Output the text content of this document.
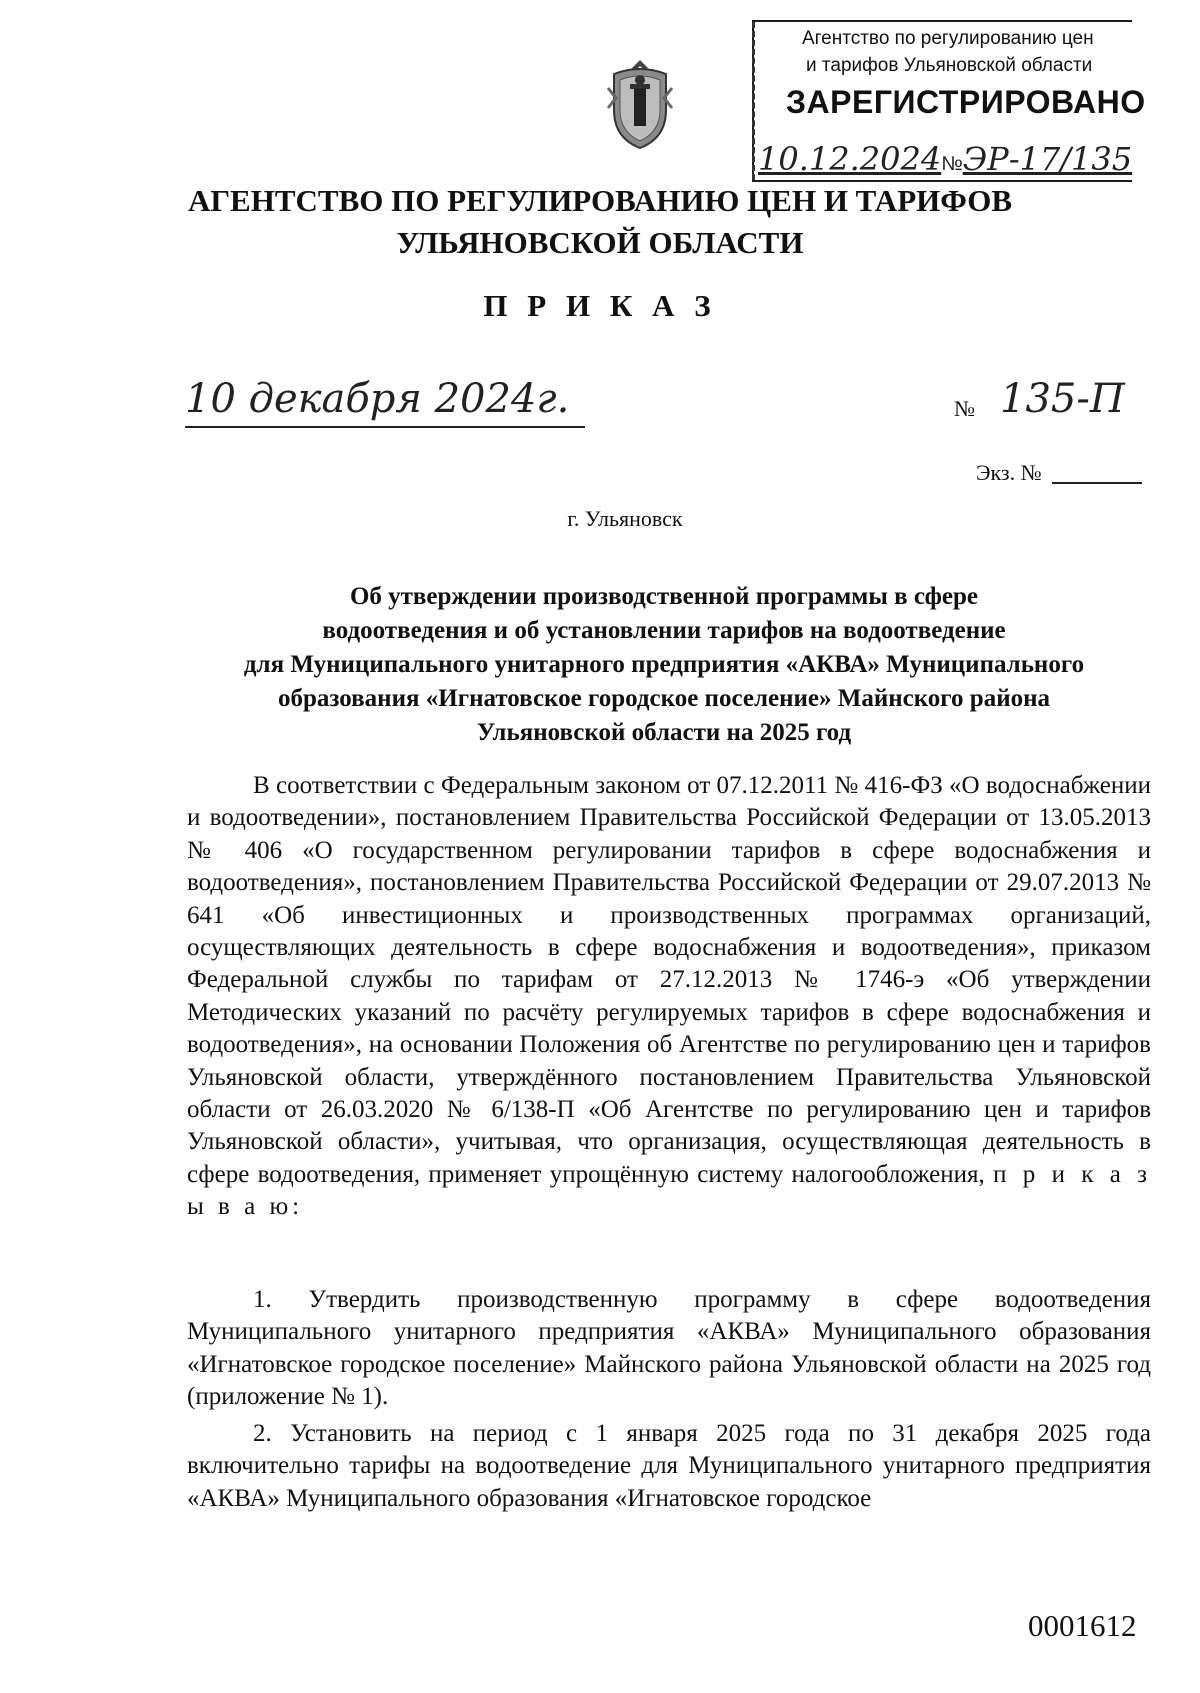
Агентство по регулированию цен
и тарифов Ульяновской области
ЗАРЕГИСТРИРОВАНО
10.12.2024№ЭР-17/135
АГЕНТСТВО ПО РЕГУЛИРОВАНИЮ ЦЕН И ТАРИФОВ
УЛЬЯНОВСКОЙ ОБЛАСТИ
П Р И К А З
10 декабря 2024г.	№ 135-П
Экз. №
г. Ульяновск
Об утверждении производственной программы в сфере
водоотведения и об установлении тарифов на водоотведение
для Муниципального унитарного предприятия «АКВА» Муниципального
образования «Игнатовское городское поселение» Майнского района
Ульяновской области на 2025 год
В соответствии с Федеральным законом от 07.12.2011 № 416-ФЗ «О водоснабжении и водоотведении», постановлением Правительства Российской Федерации от 13.05.2013 № 406 «О государственном регулировании тарифов в сфере водоснабжения и водоотведения», постановлением Правительства Российской Федерации от 29.07.2013 № 641 «Об инвестиционных и производственных программах организаций, осуществляющих деятельность в сфере водоснабжения и водоотведения», приказом Федеральной службы по тарифам от 27.12.2013 № 1746-э «Об утверждении Методических указаний по расчёту регулируемых тарифов в сфере водоснабжения и водоотведения», на основании Положения об Агентстве по регулированию цен и тарифов Ульяновской области, утверждённого постановлением Правительства Ульяновской области от 26.03.2020 № 6/138-П «Об Агентстве по регулированию цен и тарифов Ульяновской области», учитывая, что организация, осуществляющая деятельность в сфере водоотведения, применяет упрощённую систему налогообложения, п р и к а з ы в а ю:
1. Утвердить производственную программу в сфере водоотведения Муниципального унитарного предприятия «АКВА» Муниципального образования «Игнатовское городское поселение» Майнского района Ульяновской области на 2025 год (приложение № 1).
2. Установить на период с 1 января 2025 года по 31 декабря 2025 года включительно тарифы на водоотведение для Муниципального унитарного предприятия «АКВА» Муниципального образования «Игнатовское городское
0001612
